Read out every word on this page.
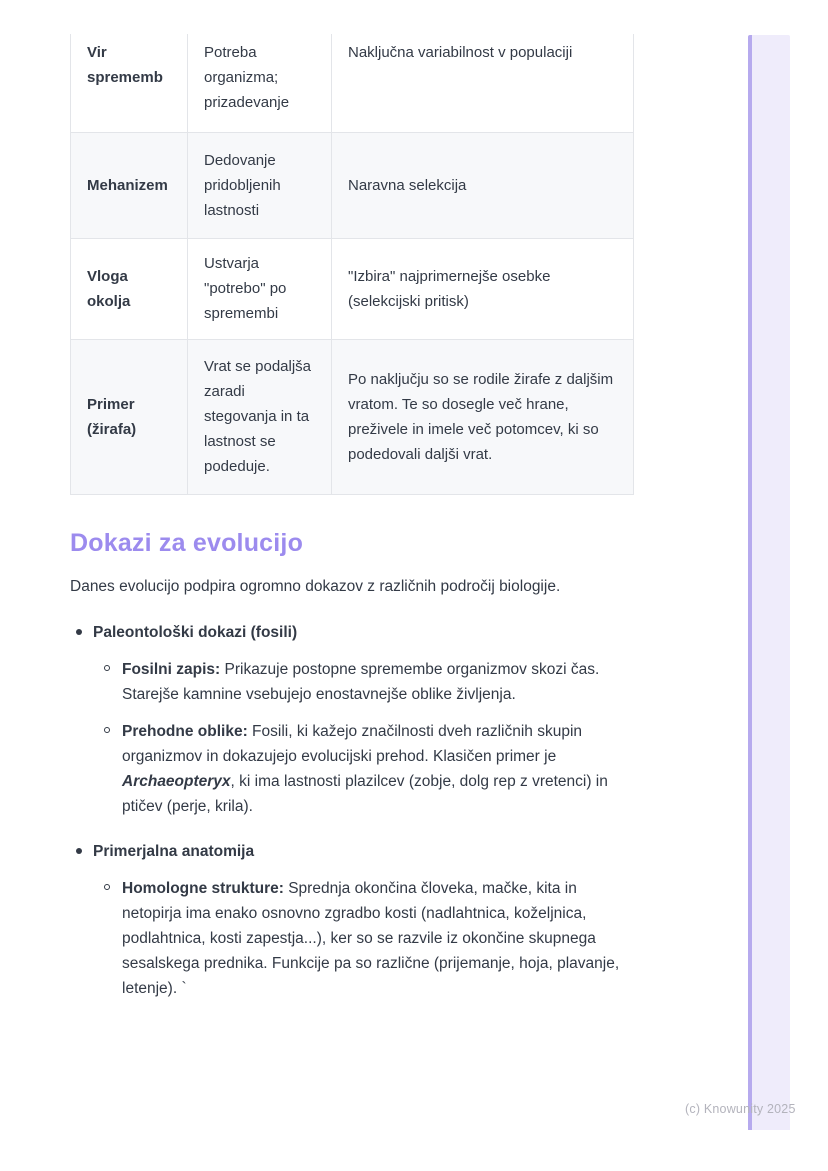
(c) Knowunity 2025
Vir sprememb	Potreba organizma; prizadevanje	Naključna variabilnost v populaciji
Mehanizem	Dedovanje pridobljenih lastnosti	Naravna selekcija
Vloga okolja	Ustvarja "potrebo" po spremembi	"Izbira" najprimernejše osebke (selekcijski pritisk)
Primer (žirafa)	Vrat se podaljša zaradi stegovanja in ta lastnost se podeduje.	Po naključju so se rodile žirafe z daljšim vratom. Te so dosegle več hrane, preživele in imele več potomcev, ki so podedovali daljši vrat.
Dokazi za evolucijo

Danes evolucijo podpira ogromno dokazov z različnih področij biologije.

Paleontološki dokazi (fosili)
Fosilni zapis: Prikazuje postopne spremembe organizmov skozi čas. Starejše kamnine vsebujejo enostavnejše oblike življenja.
Prehodne oblike: Fosili, ki kažejo značilnosti dveh različnih skupin organizmov in dokazujejo evolucijski prehod. Klasičen primer je Archaeopteryx, ki ima lastnosti plazilcev (zobje, dolg rep z vretenci) in ptičev (perje, krila).
Primerjalna anatomija
Homologne strukture: Sprednja okončina človeka, mačke, kita in netopirja ima enako osnovno zgradbo kosti (nadlahtnica, koželjnica, podlahtnica, kosti zapestja...), ker so se razvile iz okončine skupnega sesalskega prednika. Funkcije pa so različne (prijemanje, hoja, plavanje, letenje). `
